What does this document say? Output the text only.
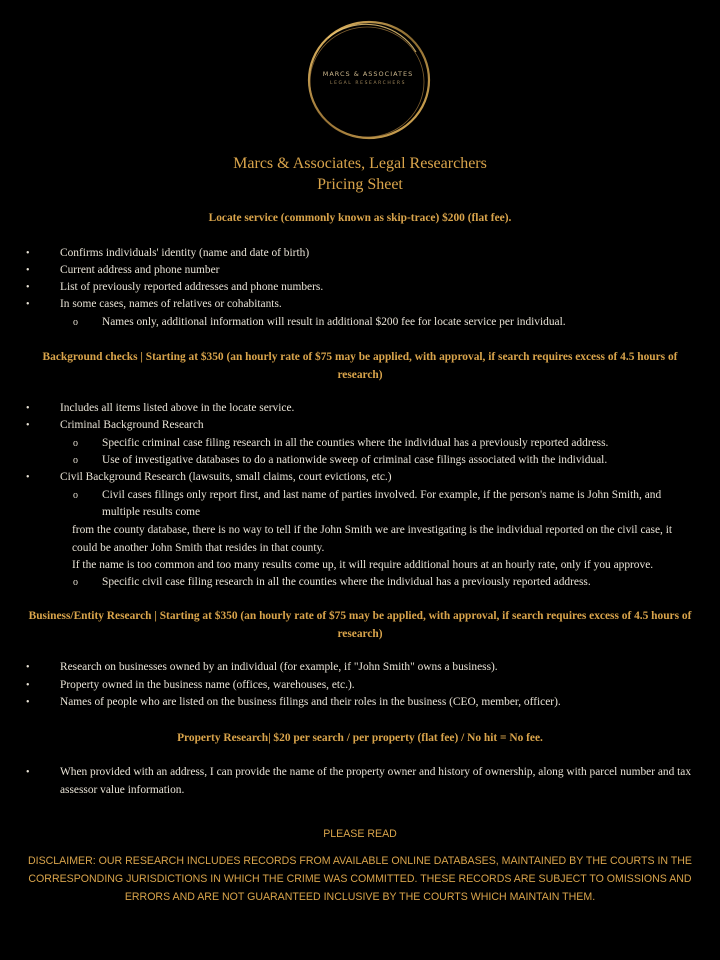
MARCS & ASSOCIATES
LEGAL RESEARCHERS
Marcs & Associates, Legal Researchers
Pricing Sheet
Locate service (commonly known as skip-trace) $200 (flat fee).
•	Confirms individuals' identity (name and date of birth)
•	Current address and phone number
•	List of previously reported addresses and phone numbers.
•	In some cases, names of relatives or cohabitants.
o Names only, additional information will result in additional $200 fee for locate service per individual.
Background checks | Starting at $350 (an hourly rate of $75 may be applied, with approval, if search requires excess of 4.5 hours of research)
•	Includes all items listed above in the locate service.
•	Criminal Background Research
o Specific criminal case filing research in all the counties where the individual has a previously reported address.
o Use of investigative databases to do a nationwide sweep of criminal case filings associated with the individual.
•	Civil Background Research (lawsuits, small claims, court evictions, etc.)
o Civil cases filings only report first, and last name of parties involved. For example, if the person's name is John Smith, and multiple results come
from the county database, there is no way to tell if the John Smith we are investigating is the individual reported on the civil case, it could be another John Smith that resides in that county.
If the name is too common and too many results come up, it will require additional hours at an hourly rate, only if you approve.
o Specific civil case filing research in all the counties where the individual has a previously reported address.
Business/Entity Research | Starting at $350 (an hourly rate of $75 may be applied, with approval, if search requires excess of 4.5 hours of research)
•	Research on businesses owned by an individual (for example, if "John Smith" owns a business).
•	Property owned in the business name (offices, warehouses, etc.).
•	Names of people who are listed on the business filings and their roles in the business (CEO, member, officer).
Property Research| $20 per search / per property (flat fee) / No hit = No fee.
•	When provided with an address, I can provide the name of the property owner and history of ownership, along with parcel number and tax assessor value information.
PLEASE READ
DISCLAIMER: OUR RESEARCH INCLUDES RECORDS FROM AVAILABLE ONLINE DATABASES, MAINTAINED BY THE COURTS IN THE CORRESPONDING JURISDICTIONS IN WHICH THE CRIME WAS COMMITTED. THESE RECORDS ARE SUBJECT TO OMISSIONS AND ERRORS AND ARE NOT GUARANTEED INCLUSIVE BY THE COURTS WHICH MAINTAIN THEM.
